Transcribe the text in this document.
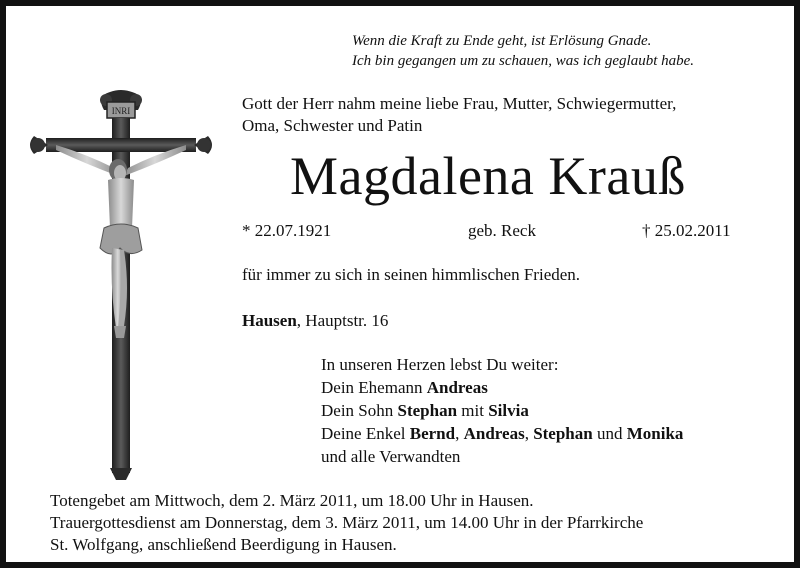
Wenn die Kraft zu Ende geht, ist Erlösung Gnade.
Ich bin gegangen um zu schauen, was ich geglaubt habe.
Gott der Herr nahm meine liebe Frau, Mutter, Schwiegermutter,
Oma, Schwester und Patin
Magdalena Krauß
* 22.07.1921	geb. Reck	† 25.02.2011
für immer zu sich in seinen himmlischen Frieden.
Hausen, Hauptstr. 16
In unseren Herzen lebst Du weiter:
Dein Ehemann Andreas
Dein Sohn Stephan mit Silvia
Deine Enkel Bernd, Andreas, Stephan und Monika
und alle Verwandten
Totengebet am Mittwoch, dem 2. März 2011, um 18.00 Uhr in Hausen.
Trauergottesdienst am Donnerstag, dem 3. März 2011, um 14.00 Uhr in der Pfarrkirche
St. Wolfgang, anschließend Beerdigung in Hausen.
INRI
